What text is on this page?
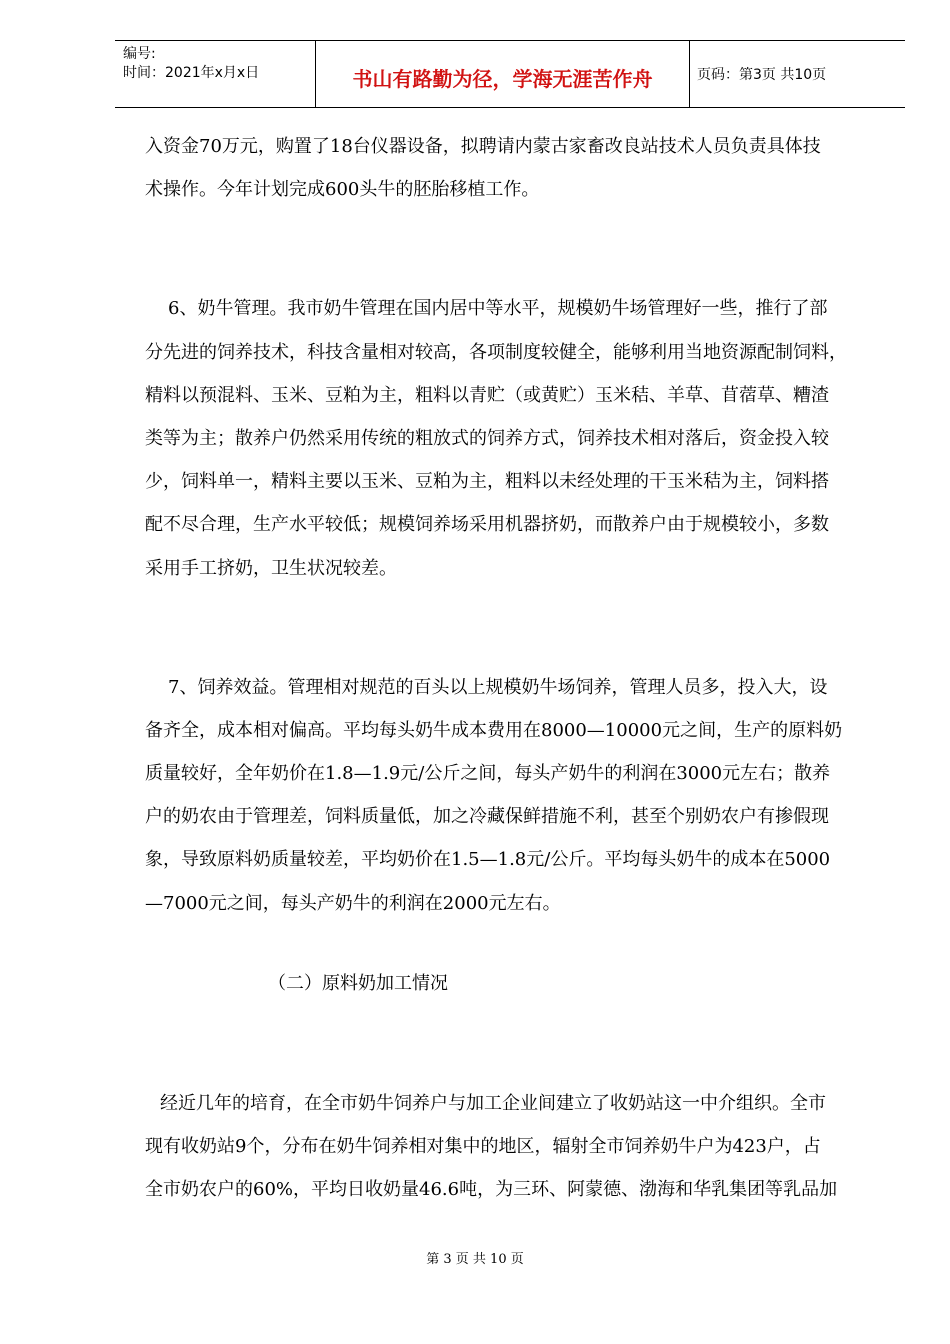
编号:
时间：2021年x月x日	书山有路勤为径，学海无涯苦作舟	页码：第3页 共10页
入资金70万元，购置了18台仪器设备，拟聘请内蒙古家畜改良站技术人员负责具体技
术操作。今年计划完成600头牛的胚胎移植工作。
6、奶牛管理。我市奶牛管理在国内居中等水平，规模奶牛场管理好一些，推行了部
分先进的饲养技术，科技含量相对较高，各项制度较健全，能够利用当地资源配制饲料，
精料以预混料、玉米、豆粕为主，粗料以青贮（或黄贮）玉米秸、羊草、苜蓿草、糟渣
类等为主；散养户仍然采用传统的粗放式的饲养方式，饲养技术相对落后，资金投入较
少，饲料单一，精料主要以玉米、豆粕为主，粗料以未经处理的干玉米秸为主，饲料搭
配不尽合理，生产水平较低；规模饲养场采用机器挤奶，而散养户由于规模较小，多数
采用手工挤奶，卫生状况较差。
7、饲养效益。管理相对规范的百头以上规模奶牛场饲养，管理人员多，投入大，设
备齐全，成本相对偏高。平均每头奶牛成本费用在8000—10000元之间，生产的原料奶
质量较好，全年奶价在1.8—1.9元/公斤之间，每头产奶牛的利润在3000元左右；散养
户的奶农由于管理差，饲料质量低，加之冷藏保鲜措施不利，甚至个别奶农户有掺假现
象，导致原料奶质量较差，平均奶价在1.5—1.8元/公斤。平均每头奶牛的成本在5000
—7000元之间，每头产奶牛的利润在2000元左右。
（二）原料奶加工情况
经近几年的培育，在全市奶牛饲养户与加工企业间建立了收奶站这一中介组织。全市
现有收奶站9个，分布在奶牛饲养相对集中的地区，辐射全市饲养奶牛户为423户，占
全市奶农户的60%，平均日收奶量46.6吨，为三环、阿蒙德、渤海和华乳集团等乳品加
第 3 页 共 10 页
